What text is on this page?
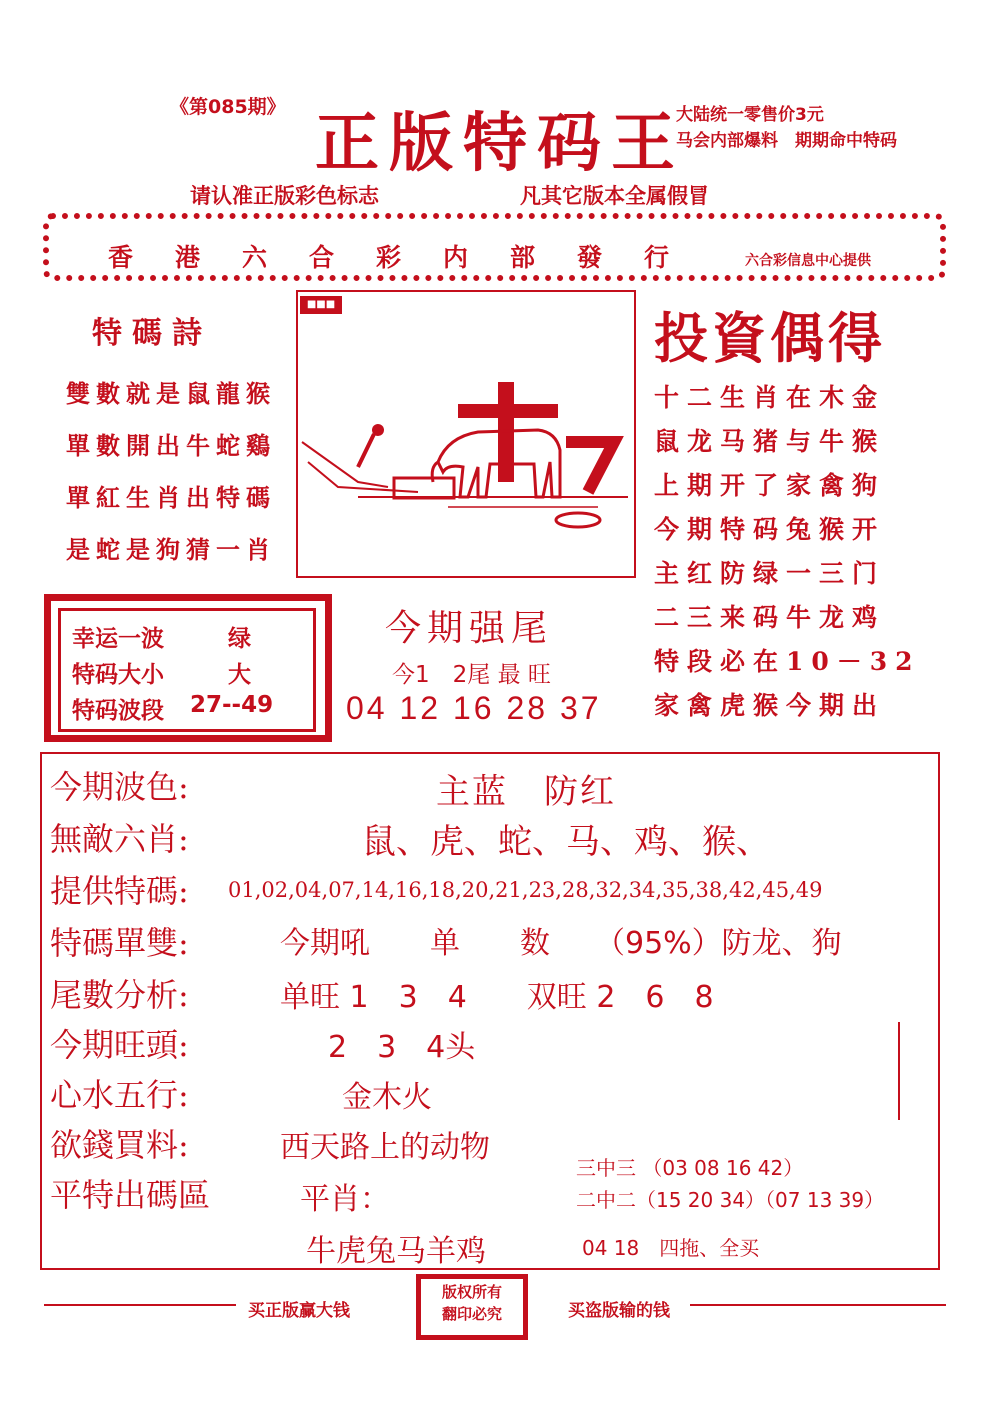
《第085期》 正版特码王
大陆统一零售价3元
马会内部爆料　期期命中特码
请认准正版彩色标志	凡其它版本全属假冒
香港六合彩内部發行 六合彩信息中心提供
特碼詩
雙數就是鼠龍猴
單數開出牛蛇鷄
單紅生肖出特碼
是蛇是狗猜一肖
■■■
投資偶得
十二生肖在木金
鼠龙马猪与牛猴
上期开了家禽狗
今期特码兔猴开
主红防绿一三门
二三来码牛龙鸡
特段必在10－32
家禽虎猴今期出
幸运一波	绿
特码大小	大
特码波段 27--49
今期强尾
今1　2尾 最 旺
04 12 16 28 37
今期波色:	主蓝　防红
無敵六肖:	鼠、虎、蛇、马、鸡、猴、
提供特碼: 01,02,04,07,14,16,18,20,21,23,28,32,34,35,38,42,45,49
特碼單雙:	今期吼　　单　　数　　（95%）防龙、狗
尾數分析:	单旺 1　3　4　　双旺 2　6　8
今期旺頭:	2　3　4头
心水五行:	金木火
欲錢買料:	西天路上的动物
平特出碼區	平肖：
牛虎兔马羊鸡
三中三 （03 08 16 42）
二中二（15 20 34）（07 13 39）
04 18　四拖、全买
买正版赢大钱
版权所有
翻印必究	买盗版输的钱
